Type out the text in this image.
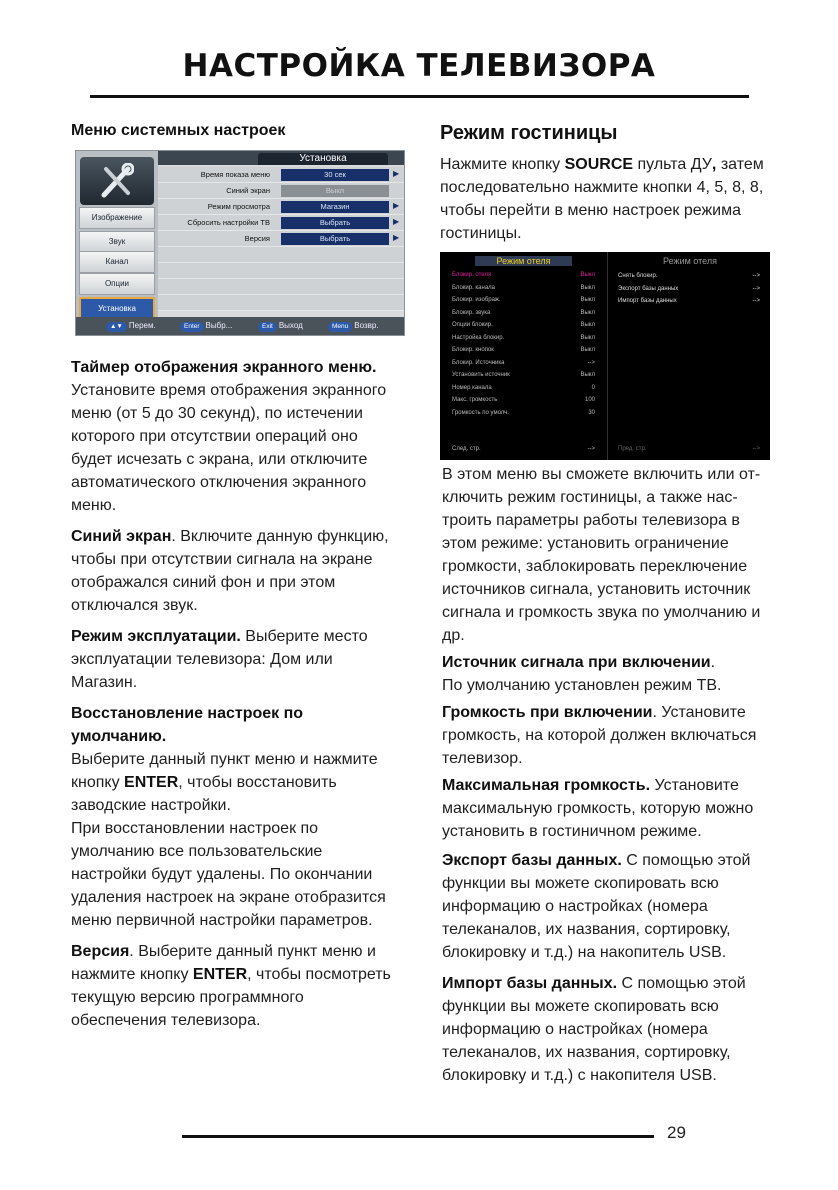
НАСТРОЙКА ТЕЛЕВИЗОРА
Меню системных настроек
Изображение
Звук
Канал
Опции
Установка
Установка
Время показа меню	30 сек	▶
Синий экран	Выкл
Режим просмотра	Магазин	▶
Сбросить настройки ТВ	Выбрать	▶
Версия	Выбрать	▶
▲▼ Перем.	Enter Выбр...	Exit Выход	Menu Возвр.

Таймер отображения экранного меню.
Установите время отображения экранного меню (от 5 до 30 секунд), по истечении которого при отсутствии операций оно будет исчезать с экрана, или отключите автоматического отключения экранного меню.

Синий экран. Включите данную функцию, чтобы при отсутствии сигнала на экране отображался синий фон и при этом отключался звук.

Режим эксплуатации. Выберите место эксплуатации телевизора: Дом или Магазин.

Восстановление настроек по умолчанию.
Выберите данный пункт меню и нажмите кнопку ENTER, чтобы восстановить заводские настройки.

При восстановлении настроек по умолчанию все пользовательские настройки будут удалены. По окончании удаления настроек на экране отобразится меню первичной настройки параметров.

Версия. Выберите данный пункт меню и нажмите кнопку ENTER, чтобы посмотреть текущую версию программного обеспечения телевизора.

Режим гостиницы

Нажмите кнопку SOURCE пульта ДУ, затем последовательно нажмите кнопки 4, 5, 8, 8, чтобы перейти в меню настроек режима гостиницы.

Режим отеля
Блокир. отеля	Выкл
Блокир. канала	Выкл
Блокир. изображ.	Выкл
Блокир. звука	Выкл
Опции блокир.	Выкл
Настройка блокир.	Выкл
Блокир. кнопок	Выкл
Блокир. Источника	-->
Установить источник	Выкл
Номер канала	0
Макс. громкость	100
Громкость по умолч.	30
След. стр.	-->
Режим отеля
Снять блокир.	-->
Экспорт базы данных	-->
Импорт базы данных	-->
Пред. стр.	-->

В этом меню вы сможете включить или от-ключить режим гостиницы, а также нас-троить параметры работы телевизора в этом режиме: установить ограничение громкости, заблокировать переключение источников сигнала, установить источник сигнала и громкость звука по умолчанию и др.

Источник сигнала при включении.
По умолчанию установлен режим ТВ.

Громкость при включении. Установите громкость, на которой должен включаться телевизор.

Максимальная громкость. Установите максимальную громкость, которую можно установить в гостиничном режиме.

Экспорт базы данных. С помощью этой функции вы можете скопировать всю информацию о настройках (номера телеканалов, их названия, сортировку, блокировку и т.д.) на накопитель USB.

Импорт базы данных. С помощью этой функции вы можете скопировать всю информацию о настройках (номера телеканалов, их названия, сортировку, блокировку и т.д.) с накопителя USB.

29
